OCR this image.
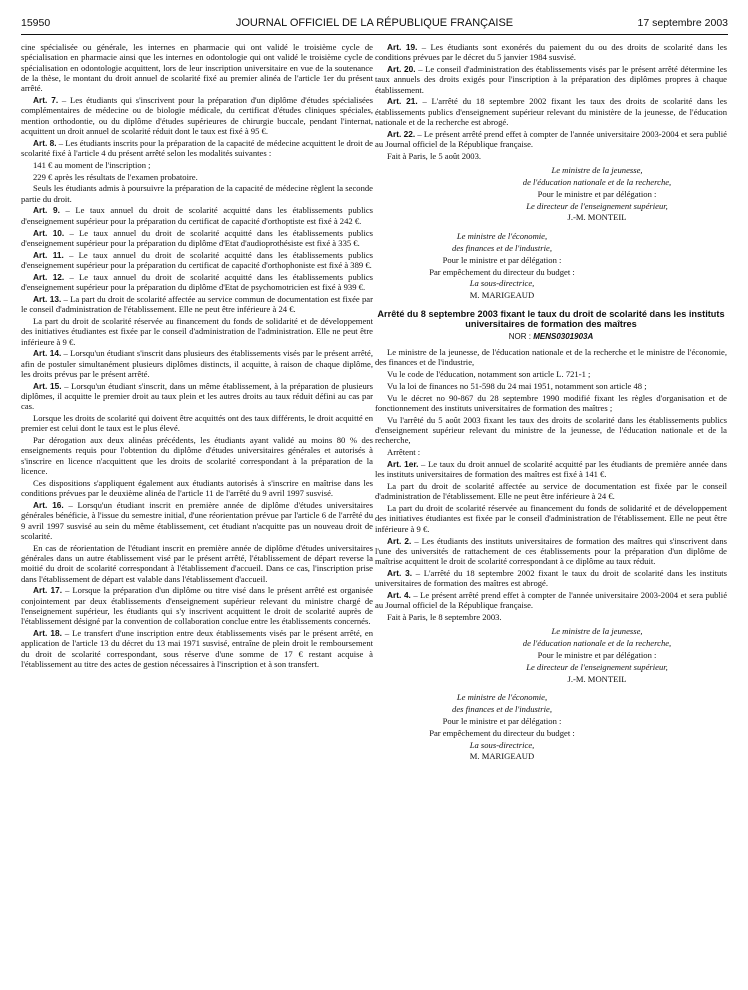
15950	JOURNAL OFFICIEL DE LA RÉPUBLIQUE FRANÇAISE	17 septembre 2003

cine spécialisée ou générale, les internes en pharmacie qui ont validé le troisième cycle de spécialisation en pharmacie ainsi que les internes en odontologie qui ont validé le troisième cycle de spécialisation en odontologie acquittent, lors de leur inscription universitaire en vue de la soutenance de la thèse, le montant du droit annuel de scolarité fixé au premier alinéa de l'article 1er du présent arrêté.

Art. 7. – Les étudiants qui s'inscrivent pour la préparation d'un diplôme d'études spécialisées complémentaires de médecine ou de biologie médicale, du certificat d'études cliniques spéciales, mention orthodontie, ou du diplôme d'études supérieures de chirurgie buccale, pendant l'internat, acquittent un droit annuel de scolarité réduit dont le taux est fixé à 95 €.

Art. 8. – Les étudiants inscrits pour la préparation de la capacité de médecine acquittent le droit de scolarité fixé à l'article 4 du présent arrêté selon les modalités suivantes :

141 € au moment de l'inscription ;

229 € après les résultats de l'examen probatoire.

Seuls les étudiants admis à poursuivre la préparation de la capacité de médecine règlent la seconde partie du droit.

Art. 9. – Le taux annuel du droit de scolarité acquitté dans les établissements publics d'enseignement supérieur pour la préparation du certificat de capacité d'orthoptiste est fixé à 242 €.

Art. 10. – Le taux annuel du droit de scolarité acquitté dans les établissements publics d'enseignement supérieur pour la préparation du diplôme d'Etat d'audioprothésiste est fixé à 335 €.

Art. 11. – Le taux annuel du droit de scolarité acquitté dans les établissements publics d'enseignement supérieur pour la préparation du certificat de capacité d'orthophoniste est fixé à 389 €.

Art. 12. – Le taux annuel du droit de scolarité acquitté dans les établissements publics d'enseignement supérieur pour la préparation du diplôme d'Etat de psychomotricien est fixé à 939 €.

Art. 13. – La part du droit de scolarité affectée au service commun de documentation est fixée par le conseil d'administration de l'établissement. Elle ne peut être inférieure à 24 €.

La part du droit de scolarité réservée au financement du fonds de solidarité et de développement des initiatives étudiantes est fixée par le conseil d'administration de l'administration. Elle ne peut être inférieure à 9 €.

Art. 14. – Lorsqu'un étudiant s'inscrit dans plusieurs des établissements visés par le présent arrêté, afin de postuler simultanément plusieurs diplômes distincts, il acquitte, à raison de chaque diplôme, les droits prévus par le présent arrêté.

Art. 15. – Lorsqu'un étudiant s'inscrit, dans un même établissement, à la préparation de plusieurs diplômes, il acquitte le premier droit au taux plein et les autres droits au taux réduit défini au cas par cas.

Lorsque les droits de scolarité qui doivent être acquittés ont des taux différents, le droit acquitté en premier est celui dont le taux est le plus élevé.

Par dérogation aux deux alinéas précédents, les étudiants ayant validé au moins 80 % des enseignements requis pour l'obtention du diplôme d'études universitaires générales et autorisés à s'inscrire en licence n'acquittent que les droits de scolarité correspondant à la préparation de la licence.

Ces dispositions s'appliquent également aux étudiants autorisés à s'inscrire en maîtrise dans les conditions prévues par le deuxième alinéa de l'article 11 de l'arrêté du 9 avril 1997 susvisé.

Art. 16. – Lorsqu'un étudiant inscrit en première année de diplôme d'études universitaires générales bénéficie, à l'issue du semestre initial, d'une réorientation prévue par l'article 6 de l'arrêté du 9 avril 1997 susvisé au sein du même établissement, cet étudiant n'acquitte pas un nouveau droit de scolarité.

En cas de réorientation de l'étudiant inscrit en première année de diplôme d'études universitaires générales dans un autre établissement visé par le présent arrêté, l'établissement de départ reverse la moitié du droit de scolarité correspondant à l'établissement d'accueil. Dans ce cas, l'inscription prise dans l'établissement de départ est valable dans l'établissement d'accueil.

Art. 17. – Lorsque la préparation d'un diplôme ou titre visé dans le présent arrêté est organisée conjointement par deux établissements d'enseignement supérieur relevant du ministre chargé de l'enseignement supérieur, les étudiants qui s'y inscrivent acquittent le droit de scolarité auprès de l'établissement désigné par la convention de collaboration conclue entre les établissements concernés.

Art. 18. – Le transfert d'une inscription entre deux établissements visés par le présent arrêté, en application de l'article 13 du décret du 13 mai 1971 susvisé, entraîne de plein droit le remboursement du droit de scolarité correspondant, sous réserve d'une somme de 17 € restant acquise à l'établissement au titre des actes de gestion nécessaires à l'inscription et à son transfert.

Art. 19. – Les étudiants sont exonérés du paiement du ou des droits de scolarité dans les conditions prévues par le décret du 5 janvier 1984 susvisé.

Art. 20. – Le conseil d'administration des établissements visés par le présent arrêté détermine les taux annuels des droits exigés pour l'inscription à la préparation des diplômes propres à chaque établissement.

Art. 21. – L'arrêté du 18 septembre 2002 fixant les taux des droits de scolarité dans les établissements publics d'enseignement supérieur relevant du ministère de la jeunesse, de l'éducation nationale et de la recherche est abrogé.

Art. 22. – Le présent arrêté prend effet à compter de l'année universitaire 2003-2004 et sera publié au Journal officiel de la République française.

Fait à Paris, le 5 août 2003.

Le ministre de la jeunesse,

de l'éducation nationale et de la recherche,

Pour le ministre et par délégation :

Le directeur de l'enseignement supérieur,

J.-M. MONTEIL

Le ministre de l'économie,

des finances et de l'industrie,

Pour le ministre et par délégation :

Par empêchement du directeur du budget :

La sous-directrice,

M. MARIGEAUD

Arrêté du 8 septembre 2003 fixant le taux du droit de scolarité dans les instituts universitaires de formation des maîtres
NOR : MENS0301903A

Le ministre de la jeunesse, de l'éducation nationale et de la recherche et le ministre de l'économie, des finances et de l'industrie,

Vu le code de l'éducation, notamment son article L. 721-1 ;

Vu la loi de finances no 51-598 du 24 mai 1951, notamment son article 48 ;

Vu le décret no 90-867 du 28 septembre 1990 modifié fixant les règles d'organisation et de fonctionnement des instituts universitaires de formation des maîtres ;

Vu l'arrêté du 5 août 2003 fixant les taux des droits de scolarité dans les établissements publics d'enseignement supérieur relevant du ministre de la jeunesse, de l'éducation nationale et de la recherche,

Arrêtent :

Art. 1er. – Le taux du droit annuel de scolarité acquitté par les étudiants de première année dans les instituts universitaires de formation des maîtres est fixé à 141 €.

La part du droit de scolarité affectée au service de documentation est fixée par le conseil d'administration de l'établissement. Elle ne peut être inférieure à 24 €.

La part du droit de scolarité réservée au financement du fonds de solidarité et de développement des initiatives étudiantes est fixée par le conseil d'administration de l'établissement. Elle ne peut être inférieure à 9 €.

Art. 2. – Les étudiants des instituts universitaires de formation des maîtres qui s'inscrivent dans l'une des universités de rattachement de ces établissements pour la préparation d'un diplôme de maîtrise acquittent le droit de scolarité correspondant à ce diplôme au taux réduit.

Art. 3. – L'arrêté du 18 septembre 2002 fixant le taux du droit de scolarité dans les instituts universitaires de formation des maîtres est abrogé.

Art. 4. – Le présent arrêté prend effet à compter de l'année universitaire 2003-2004 et sera publié au Journal officiel de la République française.

Fait à Paris, le 8 septembre 2003.

Le ministre de la jeunesse,

de l'éducation nationale et de la recherche,

Pour le ministre et par délégation :

Le directeur de l'enseignement supérieur,

J.-M. MONTEIL

Le ministre de l'économie,

des finances et de l'industrie,

Pour le ministre et par délégation :

Par empêchement du directeur du budget :

La sous-directrice,

M. MARIGEAUD
